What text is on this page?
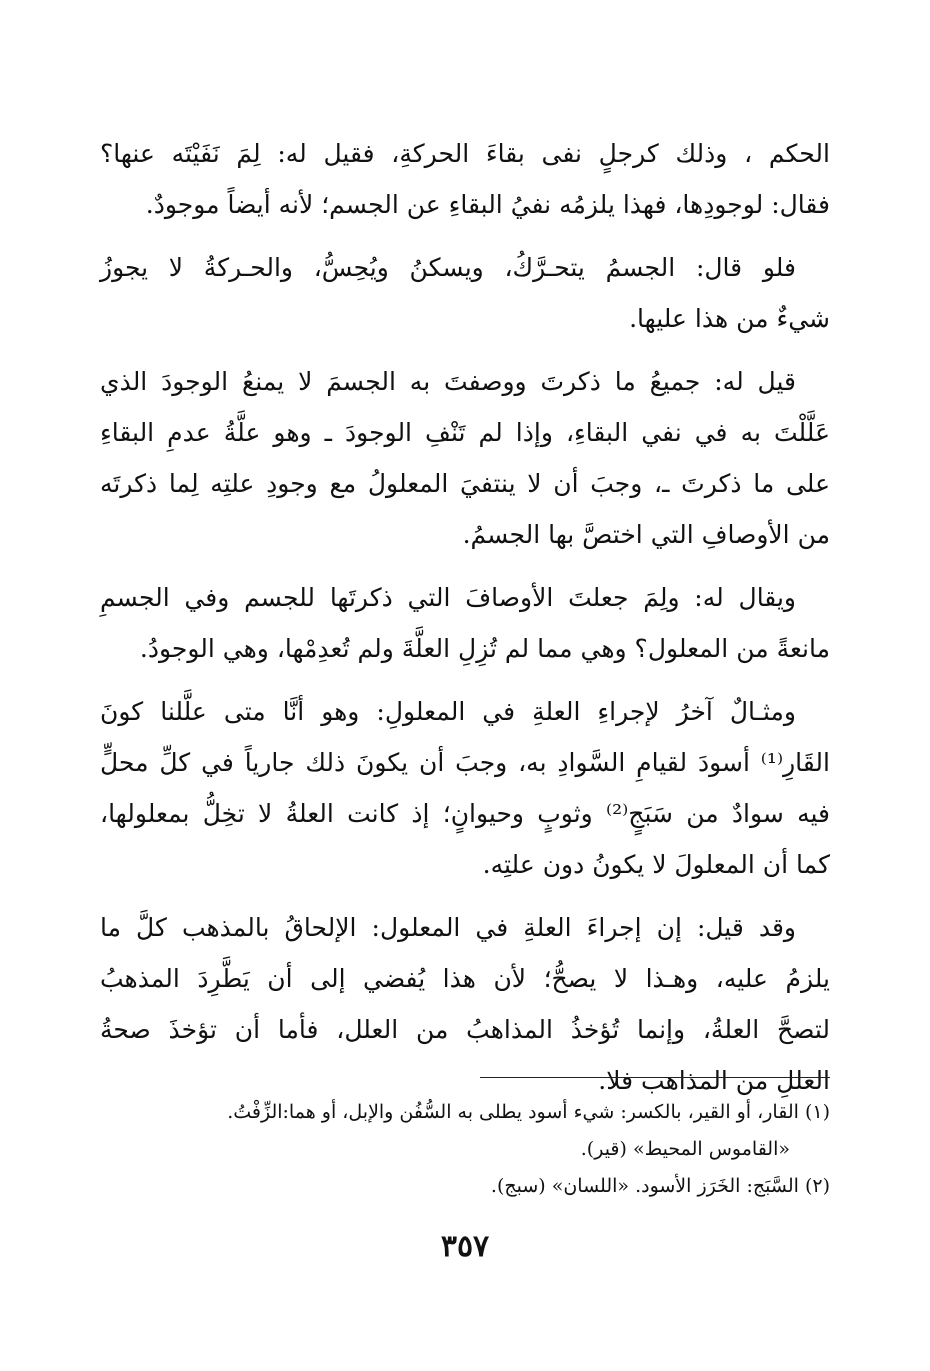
الحكم ، وذلك كرجلٍ نفى بقاءَ الحركةِ، فقيل له: لِمَ نَفَيْتَه عنها؟
فقال: لوجودِها، فهذا يلزمُه نفيُ البقاءِ عن الجسم؛ لأنه أيضاً موجودٌ.
فلو قال: الجسمُ يتحـرَّكُ، ويسكنُ ويُحِسُّ، والحـركةُ لا يجوزُ
شيءٌ من هذا عليها.
قيل له: جميعُ ما ذكرتَ ووصفتَ به الجسمَ لا يمنعُ الوجودَ الذي
عَلَّلْتَ به في نفي البقاءِ، وإذا لم تَنْفِ الوجودَ ـ وهو علَّةُ عدمِ البقاءِ
على ما ذكرتَ ـ، وجبَ أن لا ينتفيَ المعلولُ مع وجودِ علتِه لِما ذكرتَه
من الأوصافِ التي اختصَّ بها الجسمُ.
ويقال له: ولِمَ جعلتَ الأوصافَ التي ذكرتَها للجسم وفي الجسمِ
مانعةً من المعلول؟ وهي مما لم تُزِلِ العلَّةَ ولم تُعدِمْها، وهي الوجودُ.
ومثـالٌ آخرُ لإجراءِ العلةِ في المعلولِ: وهو أنَّا متى علَّلنا كونَ
القَارِ⁽¹⁾ أسودَ لقيامِ السَّوادِ به، وجبَ أن يكونَ ذلك جارياً في كلِّ محلٍّ
فيه سوادٌ من سَبَجٍ⁽²⁾ وثوبٍ وحيوانٍ؛ إذ كانت العلةُ لا تخِلُّ بمعلولها،
كما أن المعلولَ لا يكونُ دون علتِه.
وقد قيل: إن إجراءَ العلةِ في المعلول: الإلحاقُ بالمذهب كلَّ ما
يلزمُ عليه، وهـذا لا يصحُّ؛ لأن هذا يُفضي إلى أن يَطَّرِدَ المذهبُ
لتصحَّ العلةُ، وإنما تُؤخذُ المذاهبُ من العلل، فأما أن تؤخذَ صحةُ
العللِ من المذاهب فلا.
(١) القار، أو القير، بالكسر: شيء أسود يطلى به السُّفُن والإبل، أو هما:الزِّفْتُ.
«القاموس المحيط» (قير).
(٢) السَّبَج: الخَرَز الأسود. «اللسان» (سبج).
٣٥٧
